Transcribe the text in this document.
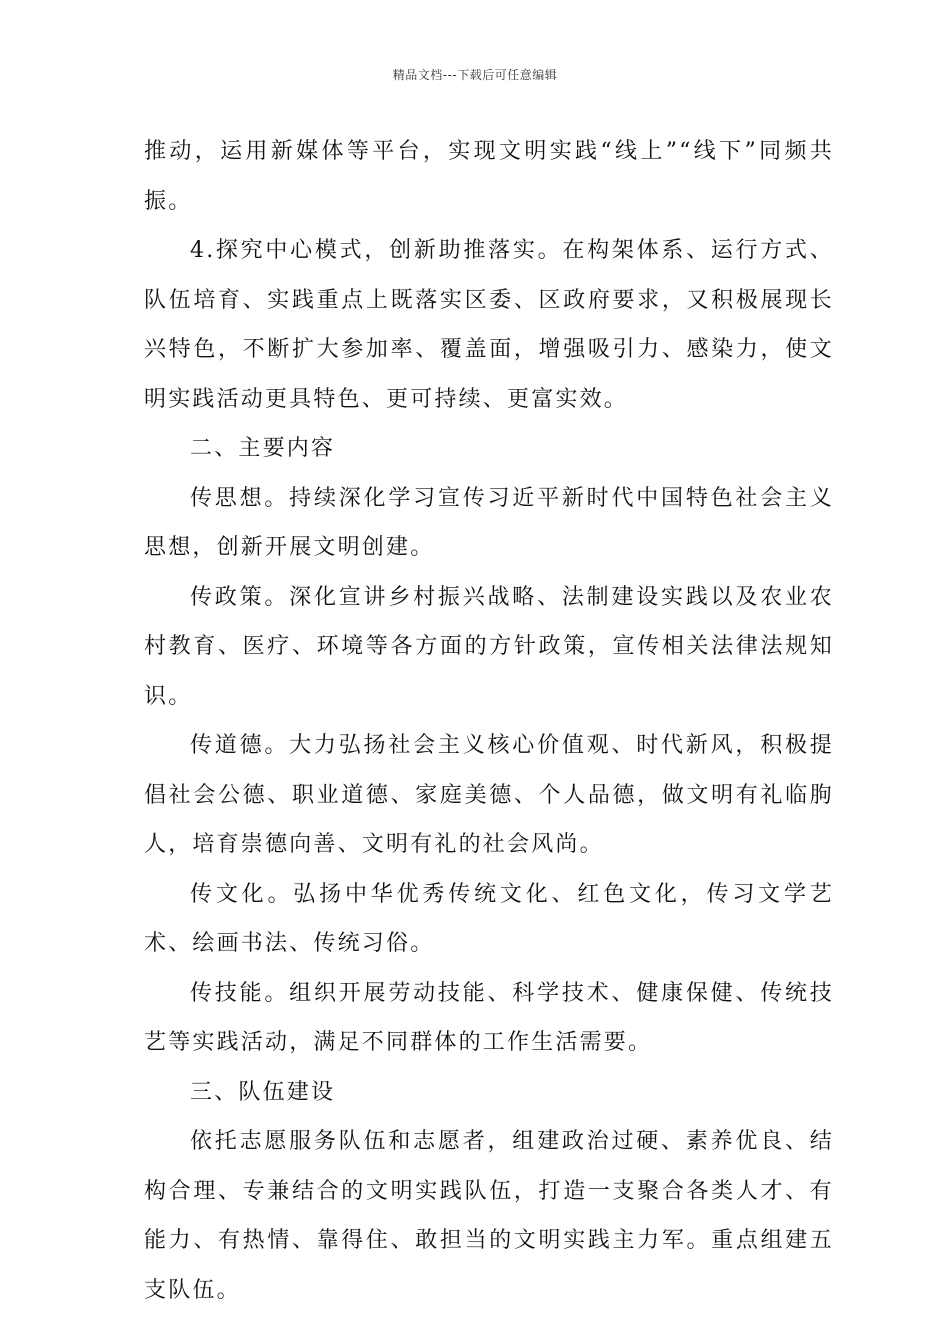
精品文档---下载后可任意编辑

推动，运用新媒体等平台，实现文明实践“线上”“线下”同频共振。

4.探究中心模式，创新助推落实。在构架体系、运行方式、队伍培育、实践重点上既落实区委、区政府要求，又积极展现长兴特色，不断扩大参加率、覆盖面，增强吸引力、感染力，使文明实践活动更具特色、更可持续、更富实效。

二、主要内容

传思想。持续深化学习宣传习近平新时代中国特色社会主义思想，创新开展文明创建。

传政策。深化宣讲乡村振兴战略、法制建设实践以及农业农村教育、医疗、环境等各方面的方针政策，宣传相关法律法规知识。

传道德。大力弘扬社会主义核心价值观、时代新风，积极提倡社会公德、职业道德、家庭美德、个人品德，做文明有礼临朐人，培育崇德向善、文明有礼的社会风尚。

传文化。弘扬中华优秀传统文化、红色文化，传习文学艺术、绘画书法、传统习俗。

传技能。组织开展劳动技能、科学技术、健康保健、传统技艺等实践活动，满足不同群体的工作生活需要。

三、队伍建设

依托志愿服务队伍和志愿者，组建政治过硬、素养优良、结构合理、专兼结合的文明实践队伍，打造一支聚合各类人才、有能力、有热情、靠得住、敢担当的文明实践主力军。重点组建五支队伍。
